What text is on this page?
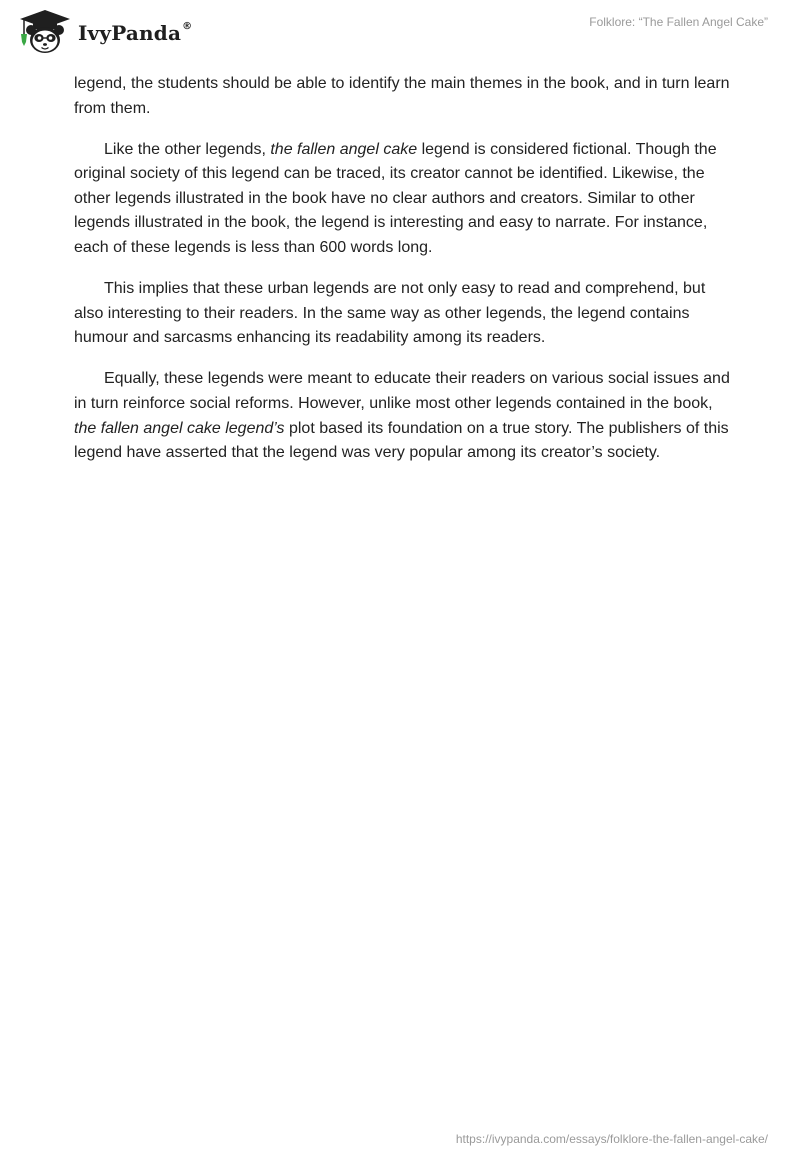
IvyPanda®	Folklore: “The Fallen Angel Cake”

legend, the students should be able to identify the main themes in the book, and in turn learn from them.

Like the other legends, the fallen angel cake legend is considered fictional. Though the original society of this legend can be traced, its creator cannot be identified. Likewise, the other legends illustrated in the book have no clear authors and creators. Similar to other legends illustrated in the book, the legend is interesting and easy to narrate. For instance, each of these legends is less than 600 words long.

This implies that these urban legends are not only easy to read and comprehend, but also interesting to their readers. In the same way as other legends, the legend contains humour and sarcasms enhancing its readability among its readers.

Equally, these legends were meant to educate their readers on various social issues and in turn reinforce social reforms. However, unlike most other legends contained in the book, the fallen angel cake legend’s plot based its foundation on a true story. The publishers of this legend have asserted that the legend was very popular among its creator’s society.

https://ivypanda.com/essays/folklore-the-fallen-angel-cake/
